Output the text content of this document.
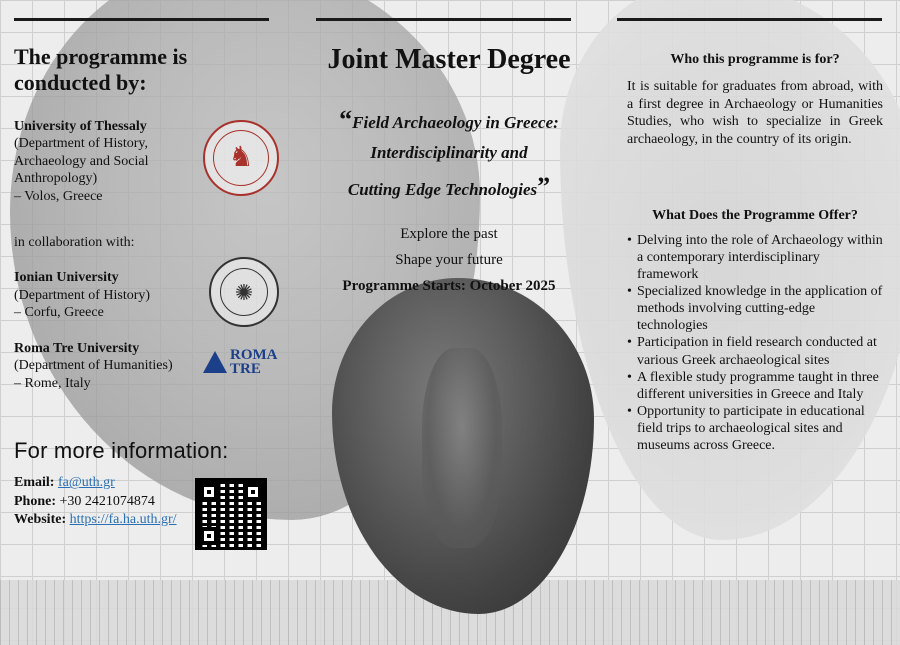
The programme is conducted by:
University of Thessaly
(Department of History,
Archaeology and Social
Anthropology)
– Volos, Greece
♞
in collaboration with:
Ionian University
(Department of History)
– Corfu, Greece
✺
Roma Tre University
(Department of Humanities)
– Rome, Italy
ROMA
TRE
For more information:
Email: fa@uth.gr
Phone: +30 2421074874
Website: https://fa.ha.uth.gr/
Joint Master Degree
“Field Archaeology in Greece:
Interdisciplinarity and
Cutting Edge Technologies”
Explore the past
Shape your future
Programme Starts: October 2025
Who this programme is for?
It is suitable for graduates from abroad, with a first degree in Archaeology or Humanities Studies, who wish to specialize in Greek archaeology, in the country of its origin.
What Does the Programme Offer?
• Delving into the role of Archaeology within a contemporary interdisciplinary framework
• Specialized knowledge in the application of methods involving cutting-edge technologies
• Participation in field research conducted at various Greek archaeological sites
• A flexible study programme taught in three different universities in Greece and Italy
• Opportunity to participate in educational field trips to archaeological sites and museums across Greece.
